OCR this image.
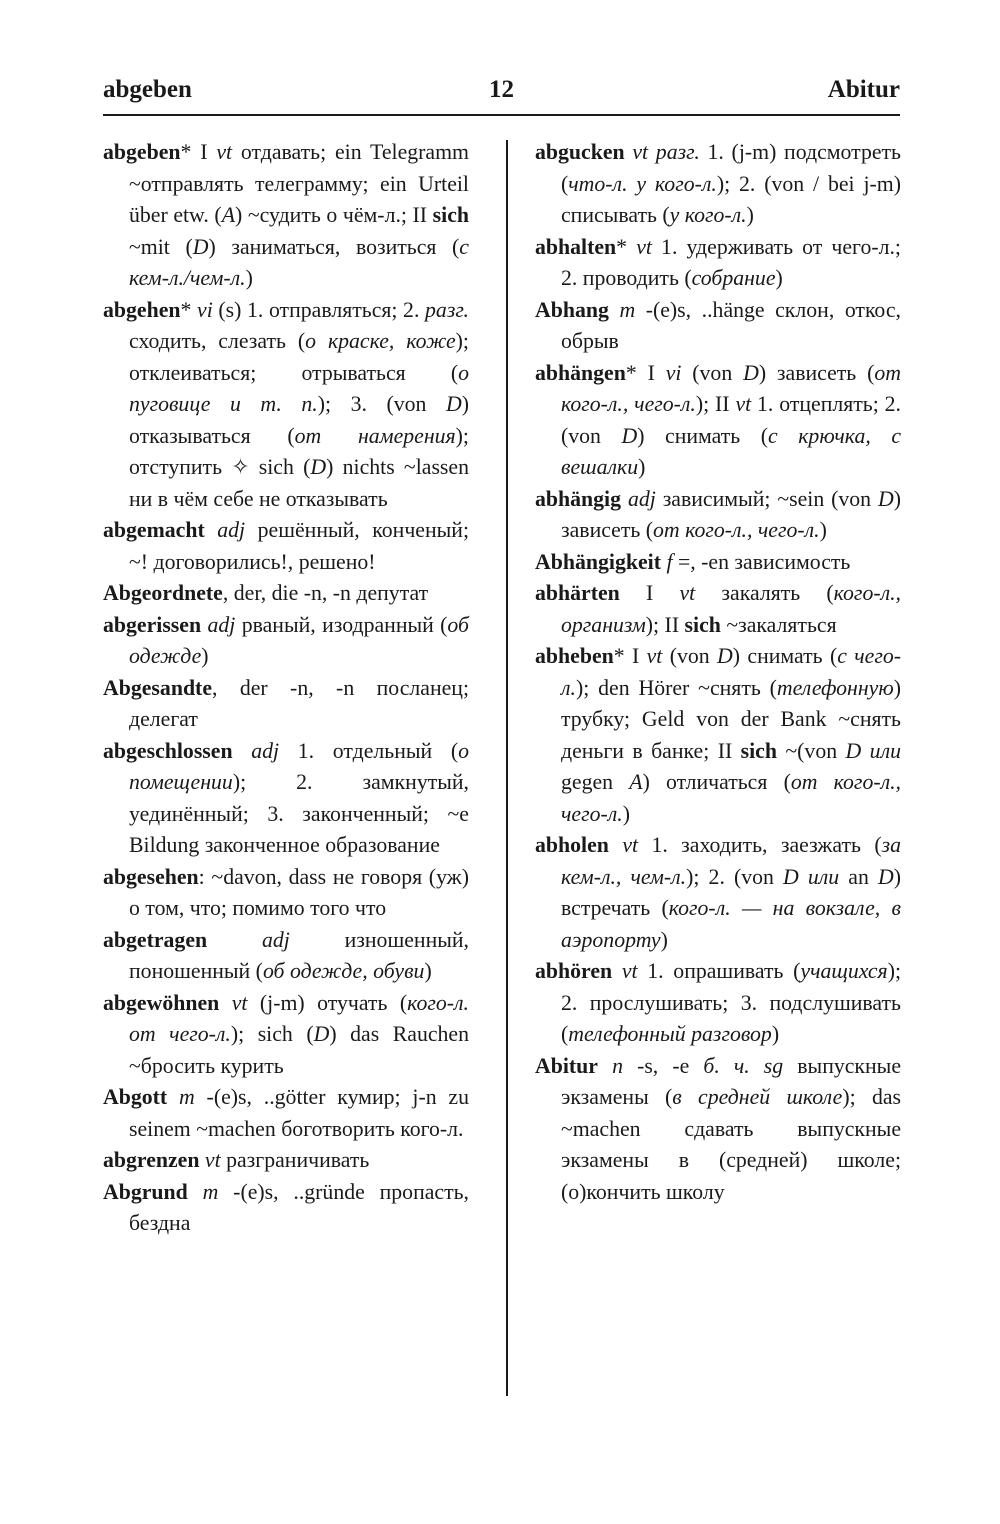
abgeben	12	Abitur

abgeben* I vt отдавать; ein Telegramm ~отправлять телеграмму; ein Urteil über etw. (A) ~судить о чём-л.; II sich ~mit (D) заниматься, возиться (с кем-л./чем-л.)

abgehen* vi (s) 1. отправляться; 2. разг. сходить, слезать (о краске, коже); отклеиваться; отрываться (о пуговице и т. п.); 3. (von D) отказываться (от намерения); отступить ✧ sich (D) nichts ~lassen ни в чём себе не отказывать

abgemacht adj решённый, конченый; ~! договорились!, решено!

Abgeordnete, der, die -n, -n депутат

abgerissen adj рваный, изодранный (об одежде)

Abgesandte, der -n, -n посланец; делегат

abgeschlossen adj 1. отдельный (о помещении); 2. замкнутый, уединённый; 3. законченный; ~e Bildung законченное образование

abgesehen: ~davon, dass не говоря (уж) о том, что; помимо того что

abgetragen	adj изношенный, поношенный (об одежде, обуви)

abgewöhnen vt (j-m) отучать (кого-л. от чего-л.); sich (D) das Rauchen ~бросить курить

Abgott m -(e)s, ..götter кумир; j-n zu seinem ~machen боготворить кого-л.

abgrenzen vt разграничивать

Abgrund m -(e)s, ..gründe пропасть, бездна

abgucken vt разг. 1. (j-m) подсмотреть (что-л. у кого-л.); 2. (von / bei j-m) списывать (у кого-л.)

abhalten* vt 1. удерживать от чего-л.; 2. проводить (собрание)

Abhang m -(e)s, ..hänge склон, откос, обрыв

abhängen* I vi (von D) зависеть (от кого-л., чего-л.); II vt 1. отцеплять; 2. (von D) снимать (с крючка, с вешалки)

abhängig adj зависимый; ~sein (von D) зависеть (от кого-л., чего-л.)

Abhängigkeit f =, -en зависимость

abhärten I vt закалять (кого-л., организм); II sich ~закаляться

abheben* I vt (von D) снимать (с чего-л.); den Hörer ~снять (телефонную) трубку; Geld von der Bank ~снять деньги в банке; II sich ~(von D или gegen A) отличаться (от кого-л., чего-л.)

abholen vt 1. заходить, заезжать (за кем-л., чем-л.); 2. (von D или an D) встречать (кого-л. — на вокзале, в аэропорту)

abhören vt 1. опрашивать (учащихся); 2. прослушивать; 3. подслушивать (телефонный разговор)

Abitur n -s, -e б. ч. sg выпускные экзамены (в средней школе); das ~machen сдавать выпускные экзамены в (средней) школе; (о)кончить школу
